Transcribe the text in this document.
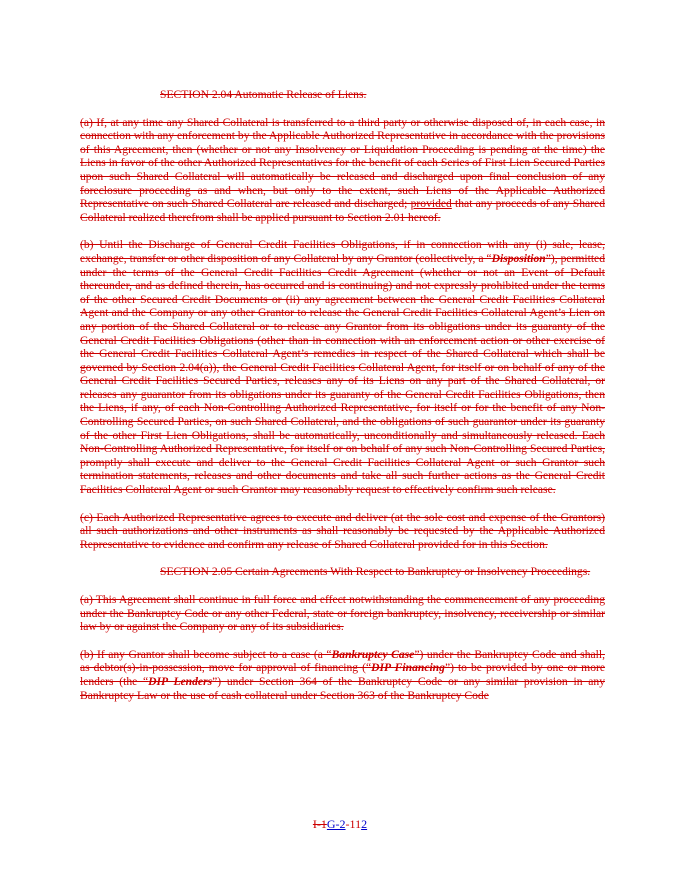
SECTION 2.04 Automatic Release of Liens.

(a) If, at any time any Shared Collateral is transferred to a third party or otherwise disposed of, in each case, in connection with any enforcement by the Applicable Authorized Representative in accordance with the provisions of this Agreement, then (whether or not any Insolvency or Liquidation Proceeding is pending at the time) the Liens in favor of the other Authorized Representatives for the benefit of each Series of First Lien Secured Parties upon such Shared Collateral will automatically be released and discharged upon final conclusion of any foreclosure proceeding as and when, but only to the extent, such Liens of the Applicable Authorized Representative on such Shared Collateral are released and discharged; provided that any proceeds of any Shared Collateral realized therefrom shall be applied pursuant to Section 2.01 hereof.

(b) Until the Discharge of General Credit Facilities Obligations, if in connection with any (i) sale, lease, exchange, transfer or other disposition of any Collateral by any Grantor (collectively, a “Disposition”), permitted under the terms of the General Credit Facilities Credit Agreement (whether or not an Event of Default thereunder, and as defined therein, has occurred and is continuing) and not expressly prohibited under the terms of the other Secured Credit Documents or (ii) any agreement between the General Credit Facilities Collateral Agent and the Company or any other Grantor to release the General Credit Facilities Collateral Agent’s Lien on any portion of the Shared Collateral or to release any Grantor from its obligations under its guaranty of the General Credit Facilities Obligations (other than in connection with an enforcement action or other exercise of the General Credit Facilities Collateral Agent’s remedies in respect of the Shared Collateral which shall be governed by Section 2.04(a)), the General Credit Facilities Collateral Agent, for itself or on behalf of any of the General Credit Facilities Secured Parties, releases any of its Liens on any part of the Shared Collateral, or releases any guarantor from its obligations under its guaranty of the General Credit Facilities Obligations, then the Liens, if any, of each Non-Controlling Authorized Representative, for itself or for the benefit of any Non-Controlling Secured Parties, on such Shared Collateral, and the obligations of such guarantor under its guaranty of the other First Lien Obligations, shall be automatically, unconditionally and simultaneously released. Each Non-Controlling Authorized Representative, for itself or on behalf of any such Non-Controlling Secured Parties, promptly shall execute and deliver to the General Credit Facilities Collateral Agent or such Grantor such termination statements, releases and other documents and take all such further actions as the General Credit Facilities Collateral Agent or such Grantor may reasonably request to effectively confirm such release.

(c) Each Authorized Representative agrees to execute and deliver (at the sole cost and expense of the Grantors) all such authorizations and other instruments as shall reasonably be requested by the Applicable Authorized Representative to evidence and confirm any release of Shared Collateral provided for in this Section.

SECTION 2.05 Certain Agreements With Respect to Bankruptcy or Insolvency Proceedings.

(a) This Agreement shall continue in full force and effect notwithstanding the commencement of any proceeding under the Bankruptcy Code or any other Federal, state or foreign bankruptcy, insolvency, receivership or similar law by or against the Company or any of its subsidiaries.

(b) If any Grantor shall become subject to a case (a “Bankruptcy Case”) under the Bankruptcy Code and shall, as debtor(s)-in-possession, move for approval of financing (“DIP Financing”) to be provided by one or more lenders (the “DIP Lenders”) under Section 364 of the Bankruptcy Code or any similar provision in any Bankruptcy Law or the use of cash collateral under Section 363 of the Bankruptcy Code

I-1G-2-112
